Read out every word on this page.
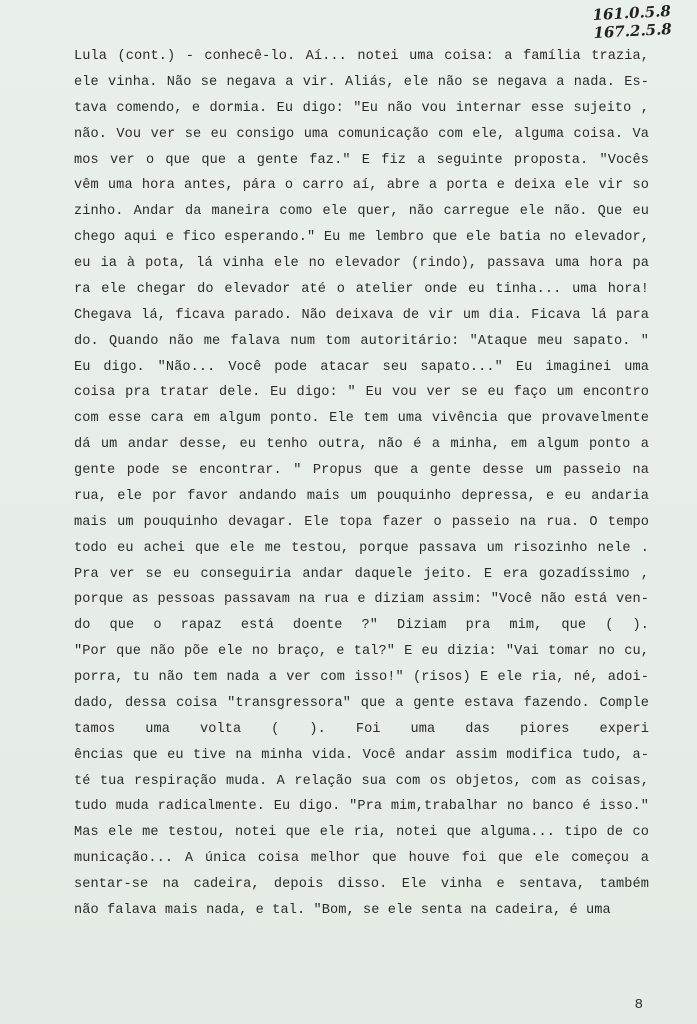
161.0.5.8
167.2.5.8
Lula (cont.) - conhecê-lo. Aí... notei uma coisa: a família trazia,
ele vinha. Não se negava a vir. Aliás, ele não se negava a nada. Es-
tava comendo, e dormia. Eu digo: "Eu não vou internar esse sujeito ,
não. Vou ver se eu consigo uma comunicação com ele, alguma coisa. Va
mos ver o que que a gente faz." E fiz a seguinte proposta. "Vocês
vêm uma hora antes, pára o carro aí, abre a porta e deixa ele vir so
zinho. Andar da maneira como ele quer, não carregue ele não. Que eu
chego aqui e fico esperando." Eu me lembro que ele batia no elevador,
eu ia à pota, lá vinha ele no elevador (rindo), passava uma hora pa
ra ele chegar do elevador até o atelier onde eu tinha... uma hora!
Chegava lá, ficava parado. Não deixava de vir um dia. Ficava lá para
do. Quando não me falava num tom autoritário: "Ataque meu sapato. "
Eu digo. "Não... Você pode atacar seu sapato..." Eu imaginei uma
coisa pra tratar dele. Eu digo: " Eu vou ver se eu faço um encontro
com esse cara em algum ponto. Ele tem uma vivência que provavelmente
dá um andar desse, eu tenho outra, não é a minha, em algum ponto a
gente pode se encontrar. " Propus que a gente desse um passeio na
rua, ele por favor andando mais um pouquinho depressa, e eu andaria
mais um pouquinho devagar. Ele topa fazer o passeio na rua. O tempo
todo eu achei que ele me testou, porque passava um risozinho nele .
Pra ver se eu conseguiria andar daquele jeito. E era gozadíssimo ,
porque as pessoas passavam na rua e diziam assim: "Você não está ven-
do que o rapaz está doente ?" Diziam pra mim, que ( ).
"Por que não põe ele no braço, e tal?" E eu dizia: "Vai tomar no cu,
porra, tu não tem nada a ver com isso!" (risos) E ele ria, né, adoi-
dado, dessa coisa "transgressora" que a gente estava fazendo. Comple
tamos uma volta ( ). Foi uma das piores experi
ências que eu tive na minha vida. Você andar assim modifica tudo, a-
té tua respiração muda. A relação sua com os objetos, com as coisas,
tudo muda radicalmente. Eu digo. "Pra mim,trabalhar no banco é isso."
Mas ele me testou, notei que ele ria, notei que alguma... tipo de co
municação... A única coisa melhor que houve foi que ele começou a
sentar-se na cadeira, depois disso. Ele vinha e sentava, também
não falava mais nada, e tal. "Bom, se ele senta na cadeira, é uma
8
